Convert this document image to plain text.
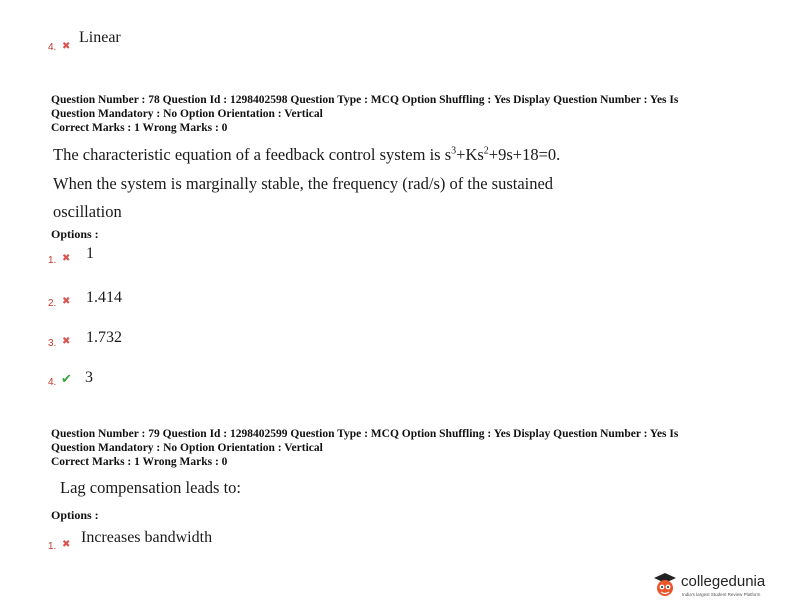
4. ✖
Linear
Question Number : 78 Question Id : 1298402598 Question Type : MCQ Option Shuffling : Yes Display Question Number : Yes Is
Question Mandatory : No Option Orientation : Vertical
Correct Marks : 1 Wrong Marks : 0
The characteristic equation of a feedback control system is $s^3+Ks^2+9s+18=0$.
When the system is marginally stable, the frequency (rad/s) of the sustained
oscillation
Options :
1. ✖ 1
2. ✖ 1.414
3. ✖ 1.732
4. ✔ 3
Question Number : 79 Question Id : 1298402599 Question Type : MCQ Option Shuffling : Yes Display Question Number : Yes Is
Question Mandatory : No Option Orientation : Vertical
Correct Marks : 1 Wrong Marks : 0
Lag compensation leads to:
Options :
1. ✖ Increases bandwidth
collegedunia
India's largest Student Review Platform
